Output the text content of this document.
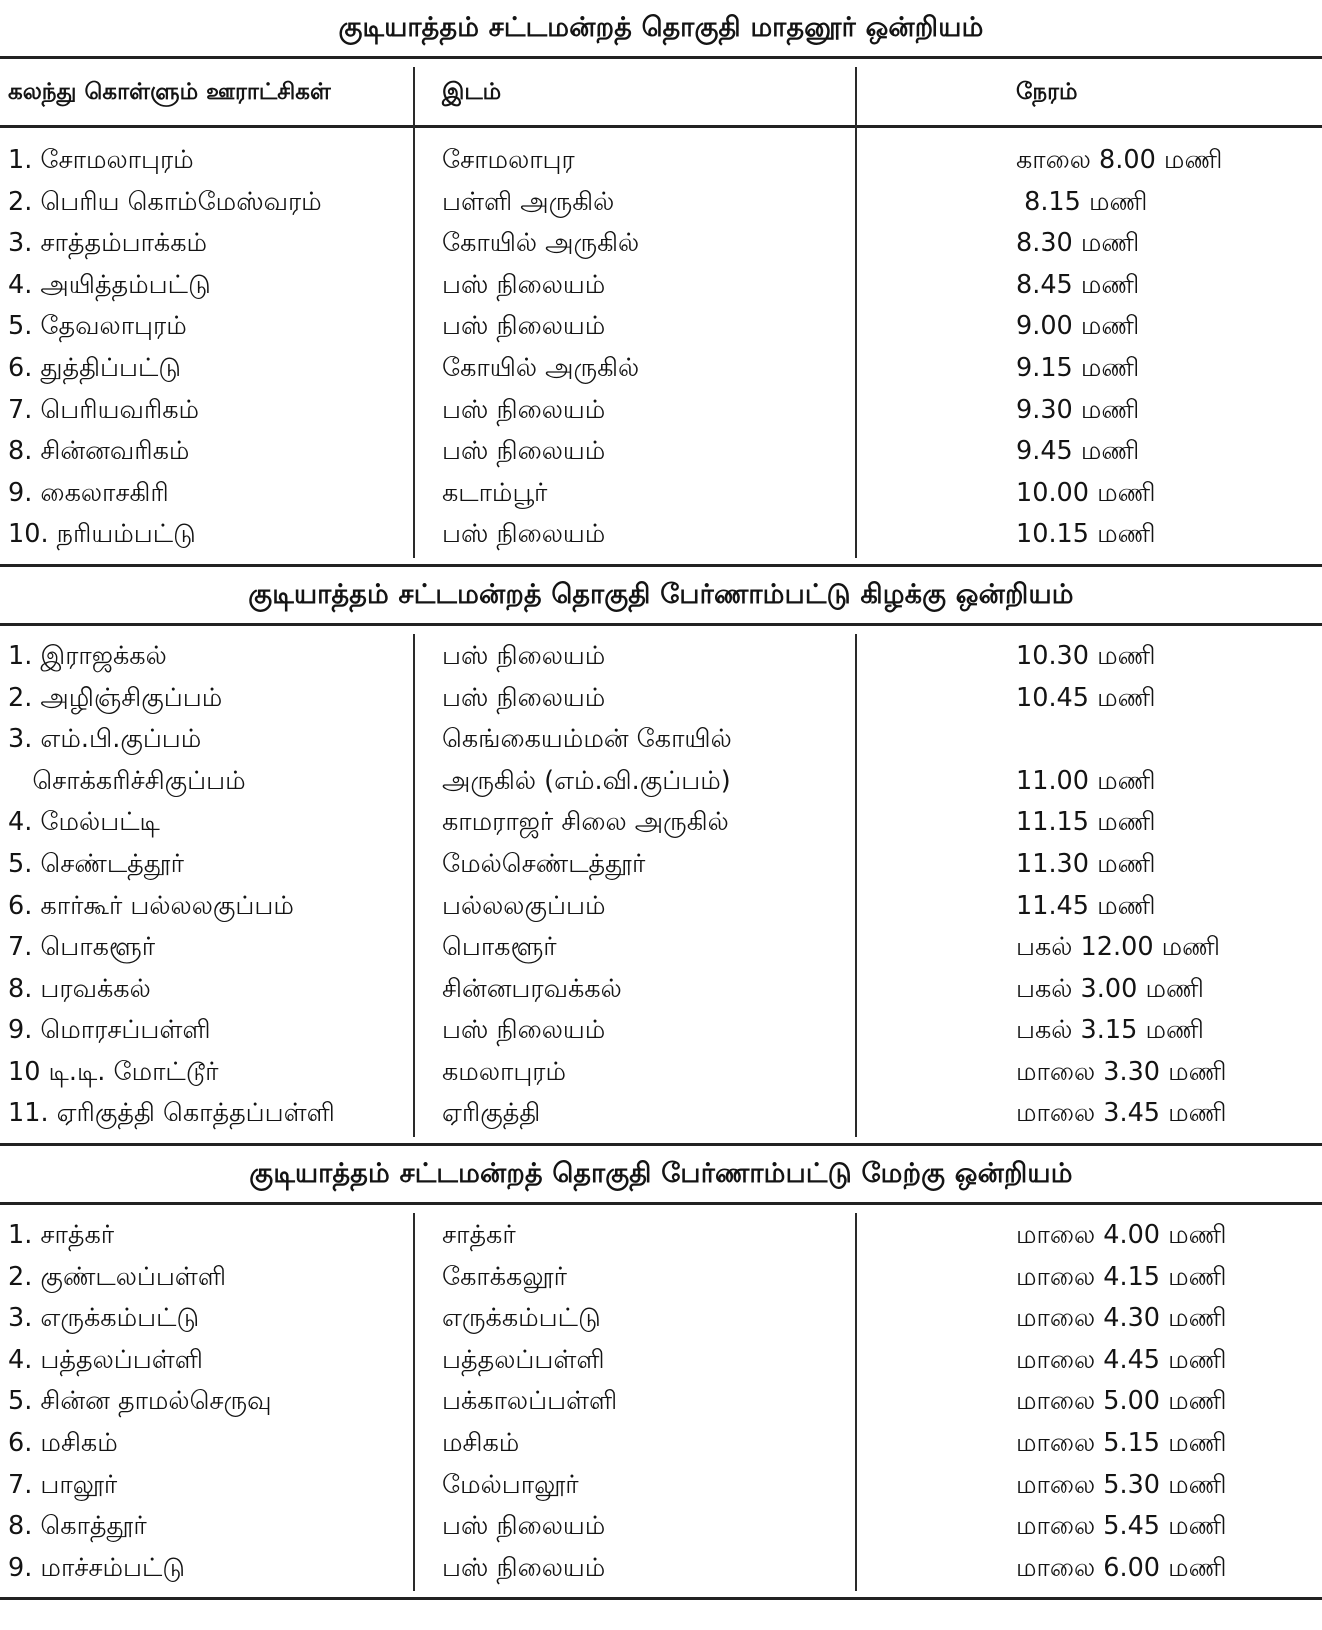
குடியாத்தம் சட்டமன்றத் தொகுதி மாதனூர் ஒன்றியம்
கலந்து கொள்ளும் ஊராட்சிகள்	இடம்	நேரம்
1. சோமலாபுரம்	சோமலாபுர	காலை 8.00 மணி
2. பெரிய கொம்மேஸ்வரம்	பள்ளி அருகில்	8.15 மணி
3. சாத்தம்பாக்கம்	கோயில் அருகில்	8.30 மணி
4. அயித்தம்பட்டு	பஸ் நிலையம்	8.45 மணி
5. தேவலாபுரம்	பஸ் நிலையம்	9.00 மணி
6. துத்திப்பட்டு	கோயில் அருகில்	9.15 மணி
7. பெரியவரிகம்	பஸ் நிலையம்	9.30 மணி
8. சின்னவரிகம்	பஸ் நிலையம்	9.45 மணி
9. கைலாசகிரி	கடாம்பூர்	10.00 மணி
10. நரியம்பட்டு	பஸ் நிலையம்	10.15 மணி
குடியாத்தம் சட்டமன்றத் தொகுதி பேர்ணாம்பட்டு கிழக்கு ஒன்றியம்
1. இராஜக்கல்	பஸ் நிலையம்	10.30 மணி
2. அழிஞ்சிகுப்பம்	பஸ் நிலையம்	10.45 மணி
3. எம்.பி.குப்பம்	கெங்கையம்மன் கோயில்
சொக்கரிச்சிகுப்பம்	அருகில் (எம்.வி.குப்பம்)	11.00 மணி
4. மேல்பட்டி	காமராஜர் சிலை அருகில்	11.15 மணி
5. செண்டத்தூர்	மேல்செண்டத்தூர்	11.30 மணி
6. கார்கூர் பல்லலகுப்பம்	பல்லலகுப்பம்	11.45 மணி
7. பொகளூர்	பொகளூர்	பகல் 12.00 மணி
8. பரவக்கல்	சின்னபரவக்கல்	பகல் 3.00 மணி
9. மொரசப்பள்ளி	பஸ் நிலையம்	பகல் 3.15 மணி
10 டி.டி. மோட்டூர்	கமலாபுரம்	மாலை 3.30 மணி
11. ஏரிகுத்தி கொத்தப்பள்ளி	ஏரிகுத்தி	மாலை 3.45 மணி
குடியாத்தம் சட்டமன்றத் தொகுதி பேர்ணாம்பட்டு மேற்கு ஒன்றியம்
1. சாத்கர்	சாத்கர்	மாலை 4.00 மணி
2. குண்டலப்பள்ளி	கோக்கலூர்	மாலை 4.15 மணி
3. எருக்கம்பட்டு	எருக்கம்பட்டு	மாலை 4.30 மணி
4. பத்தலப்பள்ளி	பத்தலப்பள்ளி	மாலை 4.45 மணி
5. சின்ன தாமல்செருவு	பக்காலப்பள்ளி	மாலை 5.00 மணி
6. மசிகம்	மசிகம்	மாலை 5.15 மணி
7. பாலூர்	மேல்பாலூர்	மாலை 5.30 மணி
8. கொத்தூர்	பஸ் நிலையம்	மாலை 5.45 மணி
9. மாச்சம்பட்டு	பஸ் நிலையம்	மாலை 6.00 மணி
